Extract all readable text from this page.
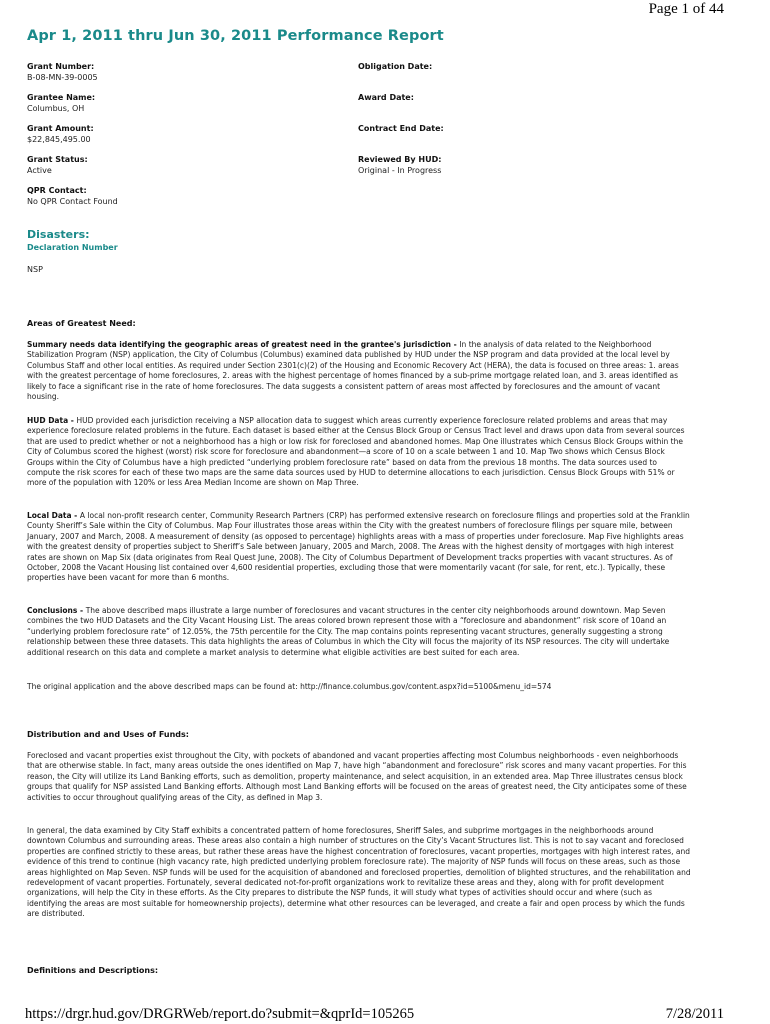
Page 1 of 44
Apr 1, 2011 thru Jun 30, 2011 Performance Report
Grant Number:
B-08-MN-39-0005
Grantee Name:
Columbus, OH
Grant Amount:
$22,845,495.00
Grant Status:
Active
QPR Contact:
No QPR Contact Found
Obligation Date:
Award Date:
Contract End Date:
Reviewed By HUD:
Original - In Progress
Disasters:
Declaration Number
NSP
Areas of Greatest Need:
Summary needs data identifying the geographic areas of greatest need in the grantee's jurisdiction - In the analysis of data related to the Neighborhood Stabilization Program (NSP) application, the City of Columbus (Columbus) examined data published by HUD under the NSP program and data provided at the local level by Columbus Staff and other local entities. As required under Section 2301(c)(2) of the Housing and Economic Recovery Act (HERA), the data is focused on three areas: 1. areas with the greatest percentage of home foreclosures, 2. areas with the highest percentage of homes financed by a sub-prime mortgage related loan, and 3. areas identified as likely to face a significant rise in the rate of home foreclosures. The data suggests a consistent pattern of areas most affected by foreclosures and the amount of vacant housing.
HUD Data - HUD provided each jurisdiction receiving a NSP allocation data to suggest which areas currently experience foreclosure related problems and areas that may experience foreclosure related problems in the future. Each dataset is based either at the Census Block Group or Census Tract level and draws upon data from several sources that are used to predict whether or not a neighborhood has a high or low risk for foreclosed and abandoned homes. Map One illustrates which Census Block Groups within the City of Columbus scored the highest (worst) risk score for foreclosure and abandonment—a score of 10 on a scale between 1 and 10. Map Two shows which Census Block Groups within the City of Columbus have a high predicted “underlying problem foreclosure rate” based on data from the previous 18 months. The data sources used to compute the risk scores for each of these two maps are the same data sources used by HUD to determine allocations to each jurisdiction. Census Block Groups with 51% or more of the population with 120% or less Area Median Income are shown on Map Three.
Local Data - A local non-profit research center, Community Research Partners (CRP) has performed extensive research on foreclosure filings and properties sold at the Franklin County Sheriff’s Sale within the City of Columbus. Map Four illustrates those areas within the City with the greatest numbers of foreclosure filings per square mile, between January, 2007 and March, 2008. A measurement of density (as opposed to percentage) highlights areas with a mass of properties under foreclosure. Map Five highlights areas with the greatest density of properties subject to Sheriff’s Sale between January, 2005 and March, 2008. The Areas with the highest density of mortgages with high interest rates are shown on Map Six (data originates from Real Quest June, 2008). The City of Columbus Department of Development tracks properties with vacant structures. As of October, 2008 the Vacant Housing list contained over 4,600 residential properties, excluding those that were momentarily vacant (for sale, for rent, etc.). Typically, these properties have been vacant for more than 6 months.
Conclusions - The above described maps illustrate a large number of foreclosures and vacant structures in the center city neighborhoods around downtown. Map Seven combines the two HUD Datasets and the City Vacant Housing List. The areas colored brown represent those with a “foreclosure and abandonment” risk score of 10and an “underlying problem foreclosure rate” of 12.05%, the 75th percentile for the City. The map contains points representing vacant structures, generally suggesting a strong relationship between these three datasets. This data highlights the areas of Columbus in which the City will focus the majority of its NSP resources. The city will undertake additional research on this data and complete a market analysis to determine what eligible activities are best suited for each area.
The original application and the above described maps can be found at: http://finance.columbus.gov/content.aspx?id=5100&menu_id=574
Distribution and and Uses of Funds:
Foreclosed and vacant properties exist throughout the City, with pockets of abandoned and vacant properties affecting most Columbus neighborhoods - even neighborhoods that are otherwise stable. In fact, many areas outside the ones identified on Map 7, have high “abandonment and foreclosure” risk scores and many vacant properties. For this reason, the City will utilize its Land Banking efforts, such as demolition, property maintenance, and select acquisition, in an extended area. Map Three illustrates census block groups that qualify for NSP assisted Land Banking efforts. Although most Land Banking efforts will be focused on the areas of greatest need, the City anticipates some of these activities to occur throughout qualifying areas of the City, as defined in Map 3.
In general, the data examined by City Staff exhibits a concentrated pattern of home foreclosures, Sheriff Sales, and subprime mortgages in the neighborhoods around downtown Columbus and surrounding areas. These areas also contain a high number of structures on the City’s Vacant Structures list. This is not to say vacant and foreclosed properties are confined strictly to these areas, but rather these areas have the highest concentration of foreclosures, vacant properties, mortgages with high interest rates, and evidence of this trend to continue (high vacancy rate, high predicted underlying problem foreclosure rate). The majority of NSP funds will focus on these areas, such as those areas highlighted on Map Seven. NSP funds will be used for the acquisition of abandoned and foreclosed properties, demolition of blighted structures, and the rehabilitation and redevelopment of vacant properties. Fortunately, several dedicated not-for-profit organizations work to revitalize these areas and they, along with for profit development organizations, will help the City in these efforts. As the City prepares to distribute the NSP funds, it will study what types of activities should occur and where (such as identifying the areas are most suitable for homeownership projects), determine what other resources can be leveraged, and create a fair and open process by which the funds are distributed.
Definitions and Descriptions:
https://drgr.hud.gov/DRGRWeb/report.do?submit=&qprId=105265	7/28/2011
